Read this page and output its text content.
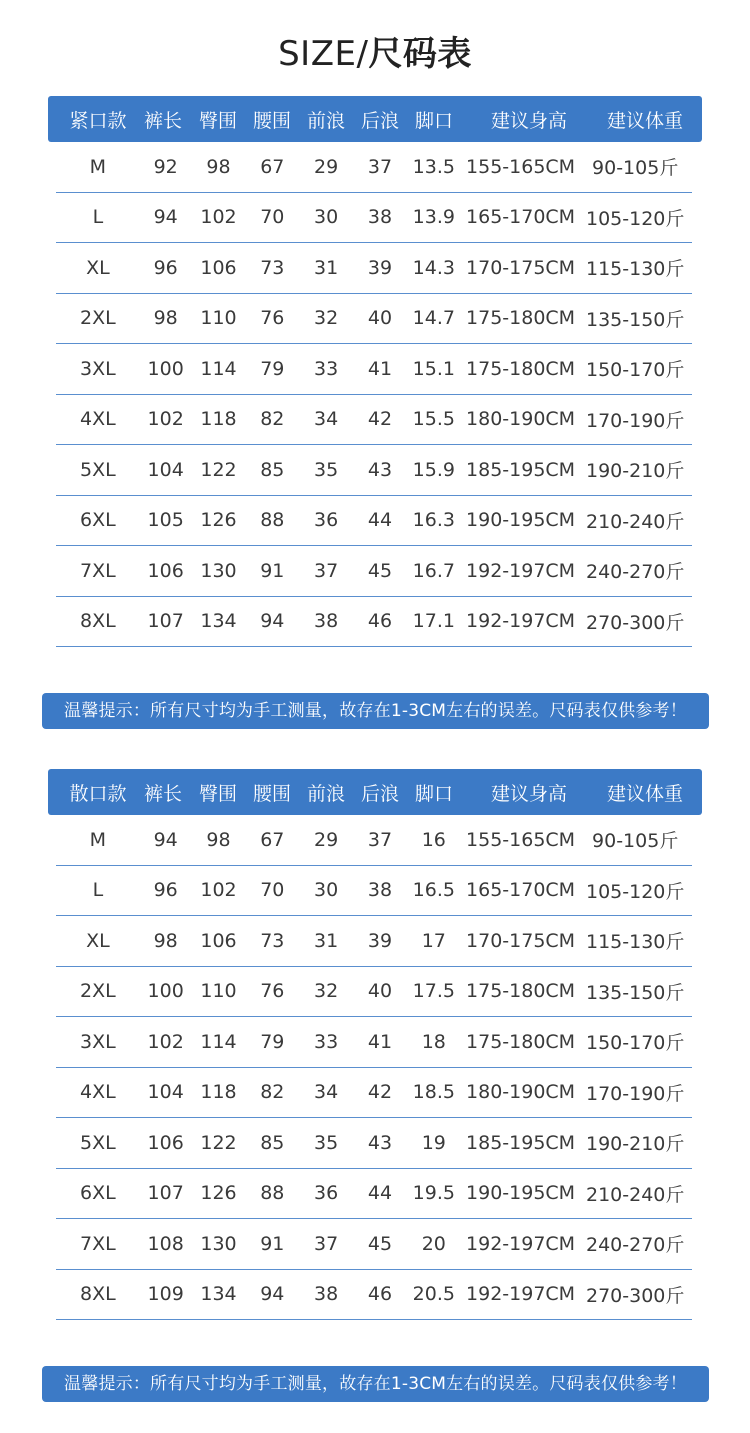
SIZE/尺码表
紧口款 裤长 臀围 腰围 前浪 后浪 脚口	建议身高	建议体重
M	92	98	67	29	37	13.5 155-165CM 90-105斤
L	94	102	70	30	38	13.9 165-170CM 105-120斤
XL	96	106	73	31	39	14.3 170-175CM 115-130斤
2XL	98	110	76	32	40	14.7 175-180CM 135-150斤
3XL	100 114	79	33	41	15.1 175-180CM 150-170斤
4XL	102 118	82	34	42	15.5 180-190CM 170-190斤
5XL	104 122	85	35	43	15.9 185-195CM 190-210斤
6XL	105 126	88	36	44	16.3 190-195CM 210-240斤
7XL	106 130	91	37	45	16.7 192-197CM 240-270斤
8XL	107 134	94	38	46	17.1 192-197CM 270-300斤
温馨提示：所有尺寸均为手工测量，故存在1-3CM左右的误差。尺码表仅供参考！
散口款 裤长 臀围 腰围 前浪 后浪 脚口	建议身高	建议体重
M	94	98	67	29	37	16	155-165CM 90-105斤
L	96	102	70	30	38	16.5 165-170CM 105-120斤
XL	98	106	73	31	39	17	170-175CM 115-130斤
2XL	100 110	76	32	40	17.5 175-180CM 135-150斤
3XL	102 114	79	33	41	18	175-180CM 150-170斤
4XL	104 118	82	34	42	18.5 180-190CM 170-190斤
5XL	106 122	85	35	43	19	185-195CM 190-210斤
6XL	107 126	88	36	44	19.5 190-195CM 210-240斤
7XL	108 130	91	37	45	20	192-197CM 240-270斤
8XL	109 134	94	38	46	20.5 192-197CM 270-300斤
温馨提示：所有尺寸均为手工测量，故存在1-3CM左右的误差。尺码表仅供参考！
